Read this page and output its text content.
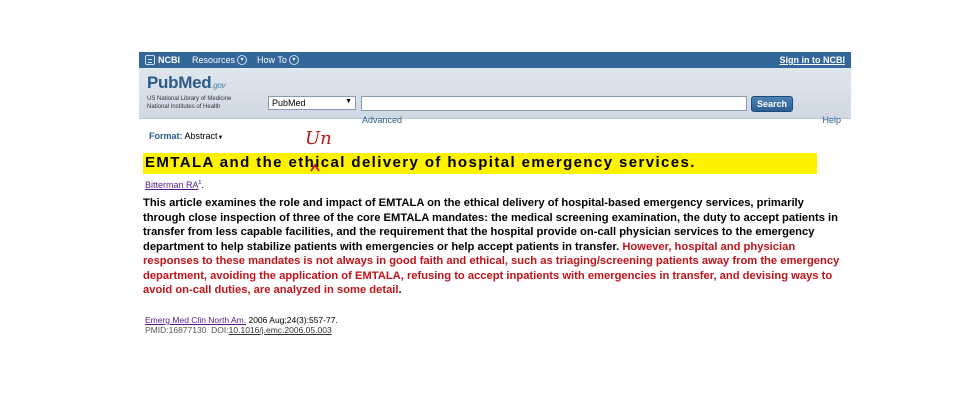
NCBI Resources ▾	How To ▾	Sign in to NCBI
PubMed.gov
US National Library of Medicine
National Institutes of Health	PubMed	▼	Search
Advanced	Help
Format: Abstract▼
EMTALA and the ethical delivery of hospital emergency services.
Un
Bitterman $RA^1$.
This article examines the role and impact of EMTALA on the ethical delivery of hospital-based emergency services, primarily through close inspection of three of the core EMTALA mandates: the medical screening examination, the duty to accept patients in transfer from less capable facilities, and the requirement that the hospital provide on-call physician services to the emergency department to help stabilize patients with emergencies or help accept patients in transfer. However, hospital and physician responses to these mandates is not always in good faith and ethical, such as triaging/screening patients away from the emergency department, avoiding the application of EMTALA, refusing to accept inpatients with emergencies in transfer, and devising ways to avoid on-call duties, are analyzed in some detail.
Emerg Med Clin North Am. 2006 Aug;24(3):557-77.
PMID:16877130 DOI:10.1016/j.emc.2006.05.003
